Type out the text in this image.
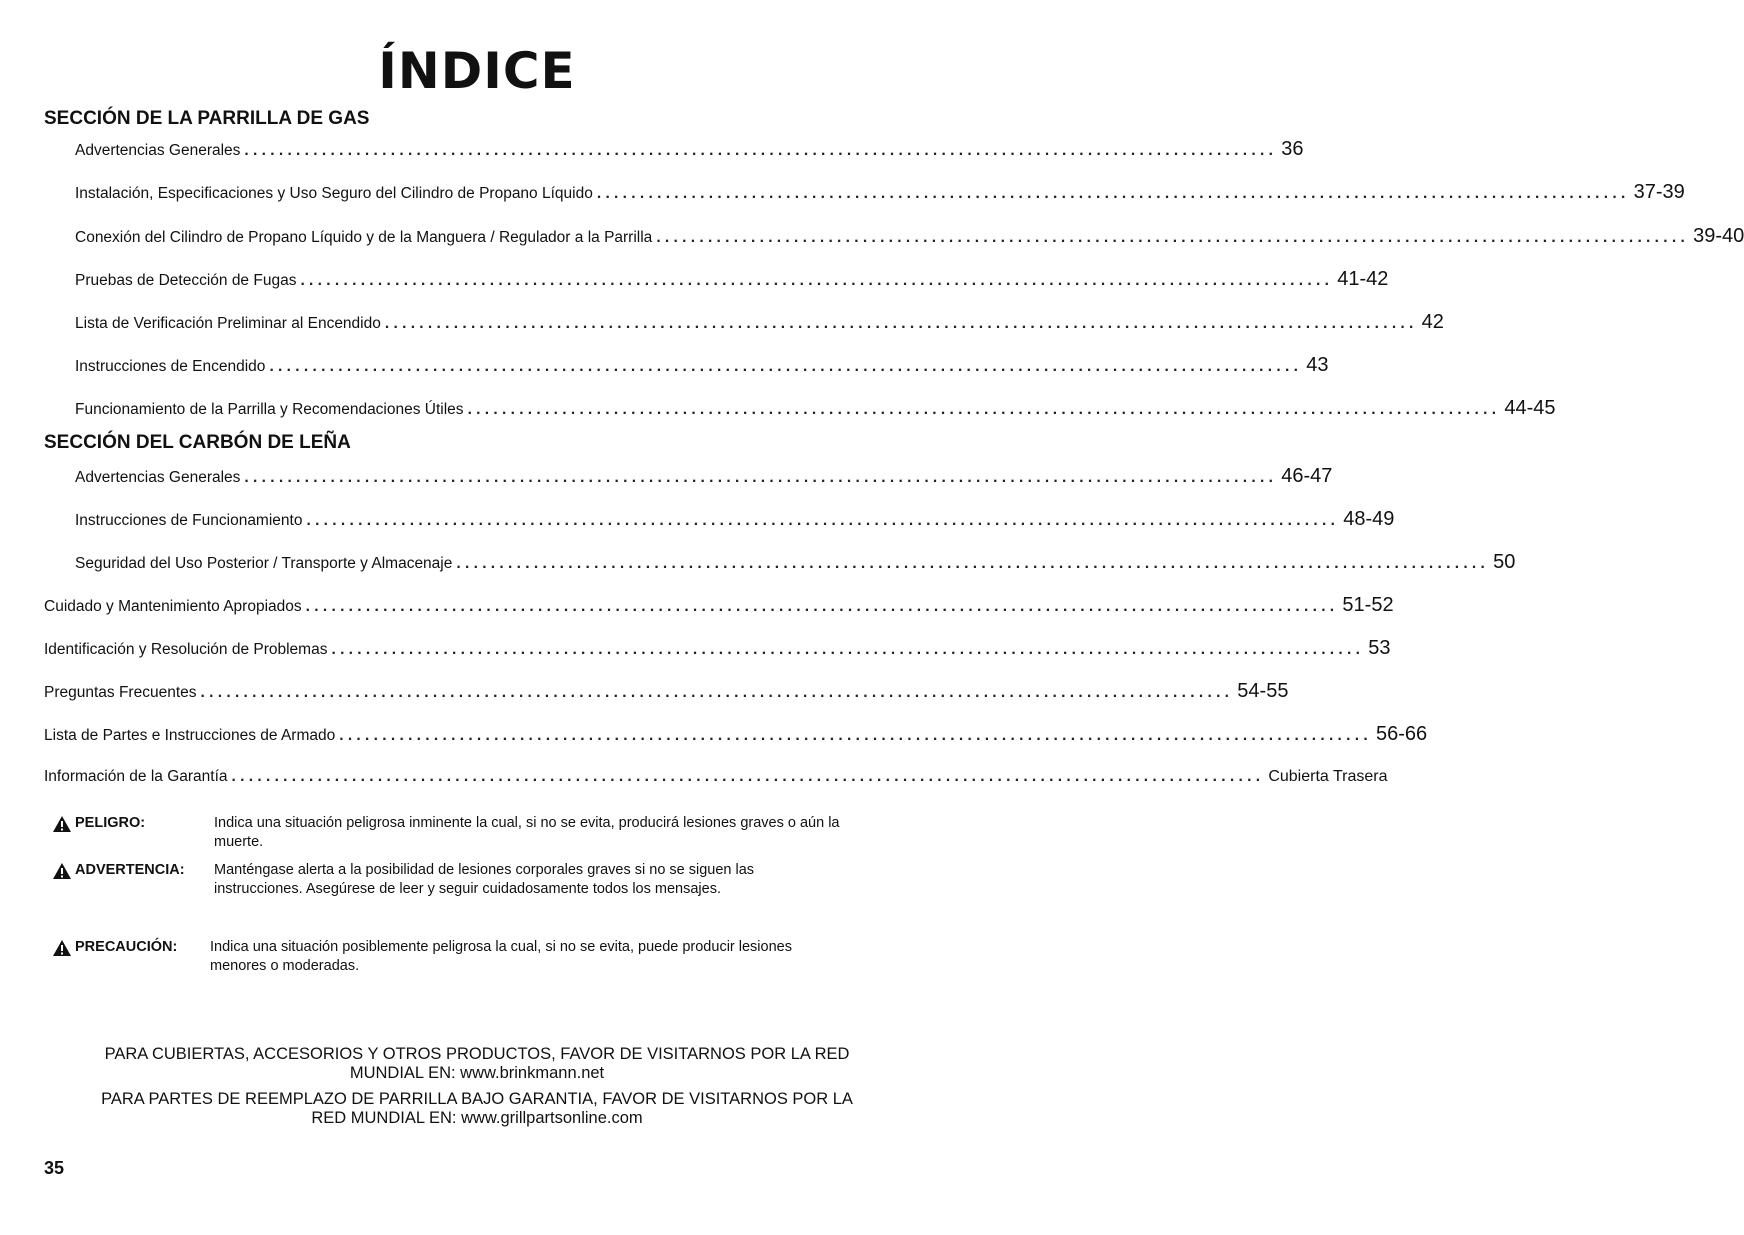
ÍNDICE
SECCIÓN DE LA PARRILLA DE GAS
Advertencias Generales ........................................................................................................................ 36
Instalación, Especificaciones y Uso Seguro del Cilindro de Propano Líquido ........................................................................................................................ 37-39
Conexión del Cilindro de Propano Líquido y de la Manguera / Regulador a la Parrilla ........................................................................................................................ 39-40
Pruebas de Detección de Fugas ........................................................................................................................ 41-42
Lista de Verificación Preliminar al Encendido ........................................................................................................................ 42
Instrucciones de Encendido ........................................................................................................................ 43
Funcionamiento de la Parrilla y Recomendaciones Útiles ........................................................................................................................ 44-45
SECCIÓN DEL CARBÓN DE LEÑA
Advertencias Generales ........................................................................................................................ 46-47
Instrucciones de Funcionamiento ........................................................................................................................ 48-49
Seguridad del Uso Posterior / Transporte y Almacenaje ........................................................................................................................ 50
Cuidado y Mantenimiento Apropiados ........................................................................................................................ 51-52
Identificación y Resolución de Problemas ........................................................................................................................ 53
Preguntas Frecuentes ........................................................................................................................ 54-55
Lista de Partes e Instrucciones de Armado ........................................................................................................................ 56-66
Información de la Garantía ........................................................................................................................ Cubierta Trasera
PELIGRO:	Indica una situación peligrosa inminente la cual, si no se evita, producirá lesiones graves o aún la
muerte.
ADVERTENCIA: Manténgase alerta a la posibilidad de lesiones corporales graves si no se siguen las
instrucciones. Asegúrese de leer y seguir cuidadosamente todos los mensajes.
PRECAUCIÓN: Indica una situación posiblemente peligrosa la cual, si no se evita, puede producir lesiones
menores o moderadas.
PARA CUBIERTAS, ACCESORIOS Y OTROS PRODUCTOS, FAVOR DE VISITARNOS POR LA RED
MUNDIAL EN: www.brinkmann.net
PARA PARTES DE REEMPLAZO DE PARRILLA BAJO GARANTIA, FAVOR DE VISITARNOS POR LA
RED MUNDIAL EN: www.grillpartsonline.com
35
